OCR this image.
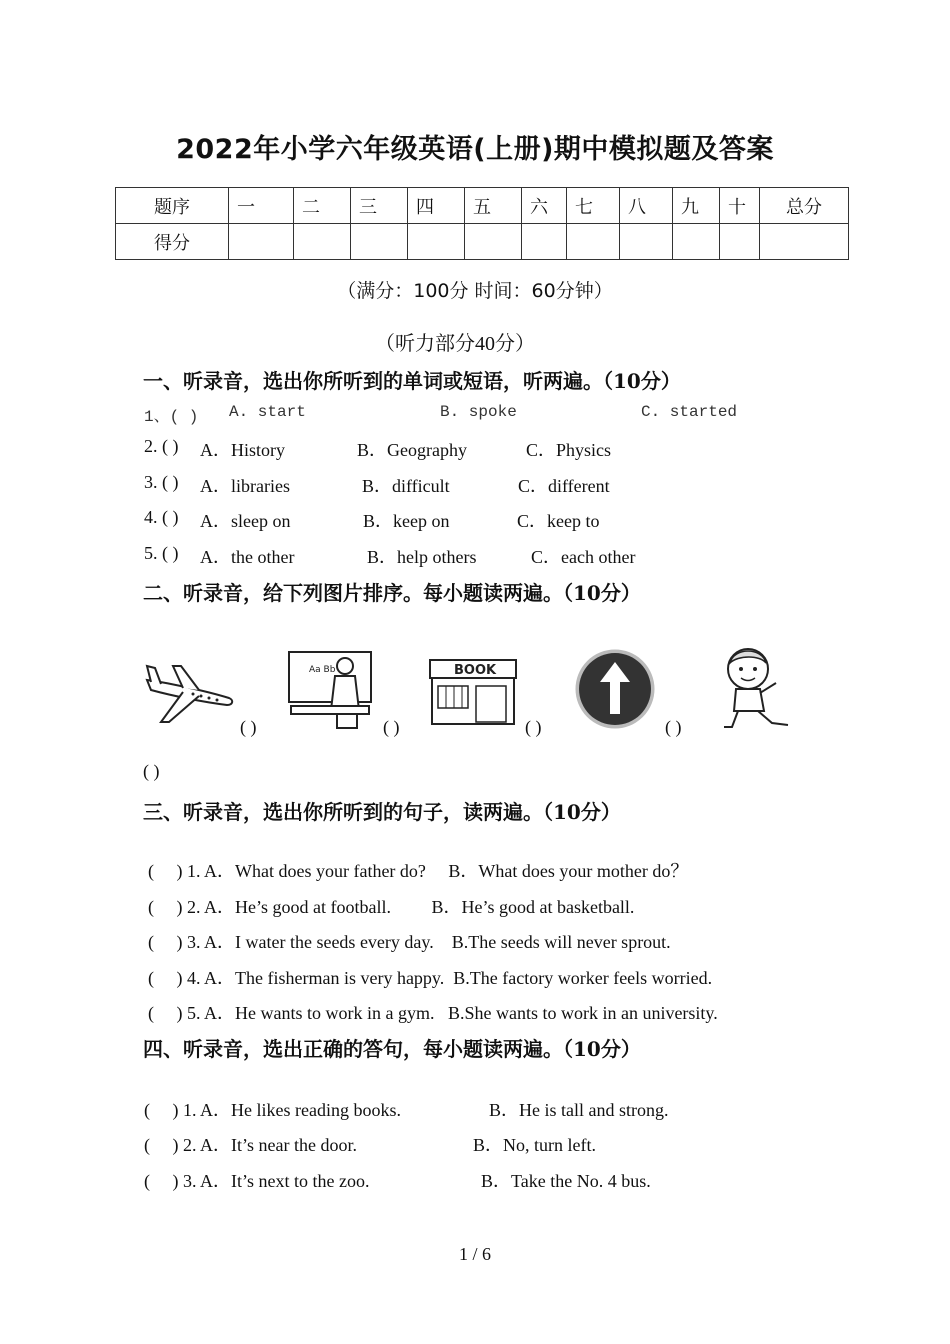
2022年小学六年级英语(上册)期中模拟题及答案
题序	一	二	三	四	五	六	七	八	九	十	总分
得分											
（满分：100分 时间：60分钟）
（听力部分40分）
一、听录音，选出你所听到的单词或短语，听两遍。（10分）
1、( ) A. start	B. spoke	C. started
2. ( ) A．History	B．Geography	C．Physics
3. ( ) A．libraries	B．difficult	C．different
4. ( ) A．sleep on	B．keep on	C．keep to
5. ( ) A．the other	B．help others	C．each other
二、听录音，给下列图片排序。每小题读两遍。（10分）
( )
Aa Bb
( )
BOOK
( )	( )
( )
三、听录音，选出你所听到的句子，读两遍。（10分）
(     ) 1. A．What does your father do?     B．What does your mother do？
(     ) 2. A．He’s good at football.         B．He’s good at basketball.
(     ) 3. A．I water the seeds every day.    B.The seeds will never sprout.
(     ) 4. A．The fisherman is very happy.  B.The factory worker feels worried.
(     ) 5. A．He wants to work in a gym.   B.She wants to work in an university.
四、听录音，选出正确的答句，每小题读两遍。（10分）
(     ) 1. A．He likes reading books.	B．He is tall and strong.
(     ) 2. A．It’s near the door.	B．No, turn left.
(     ) 3. A．It’s next to the zoo.	B．Take the No. 4 bus.
1 / 6
